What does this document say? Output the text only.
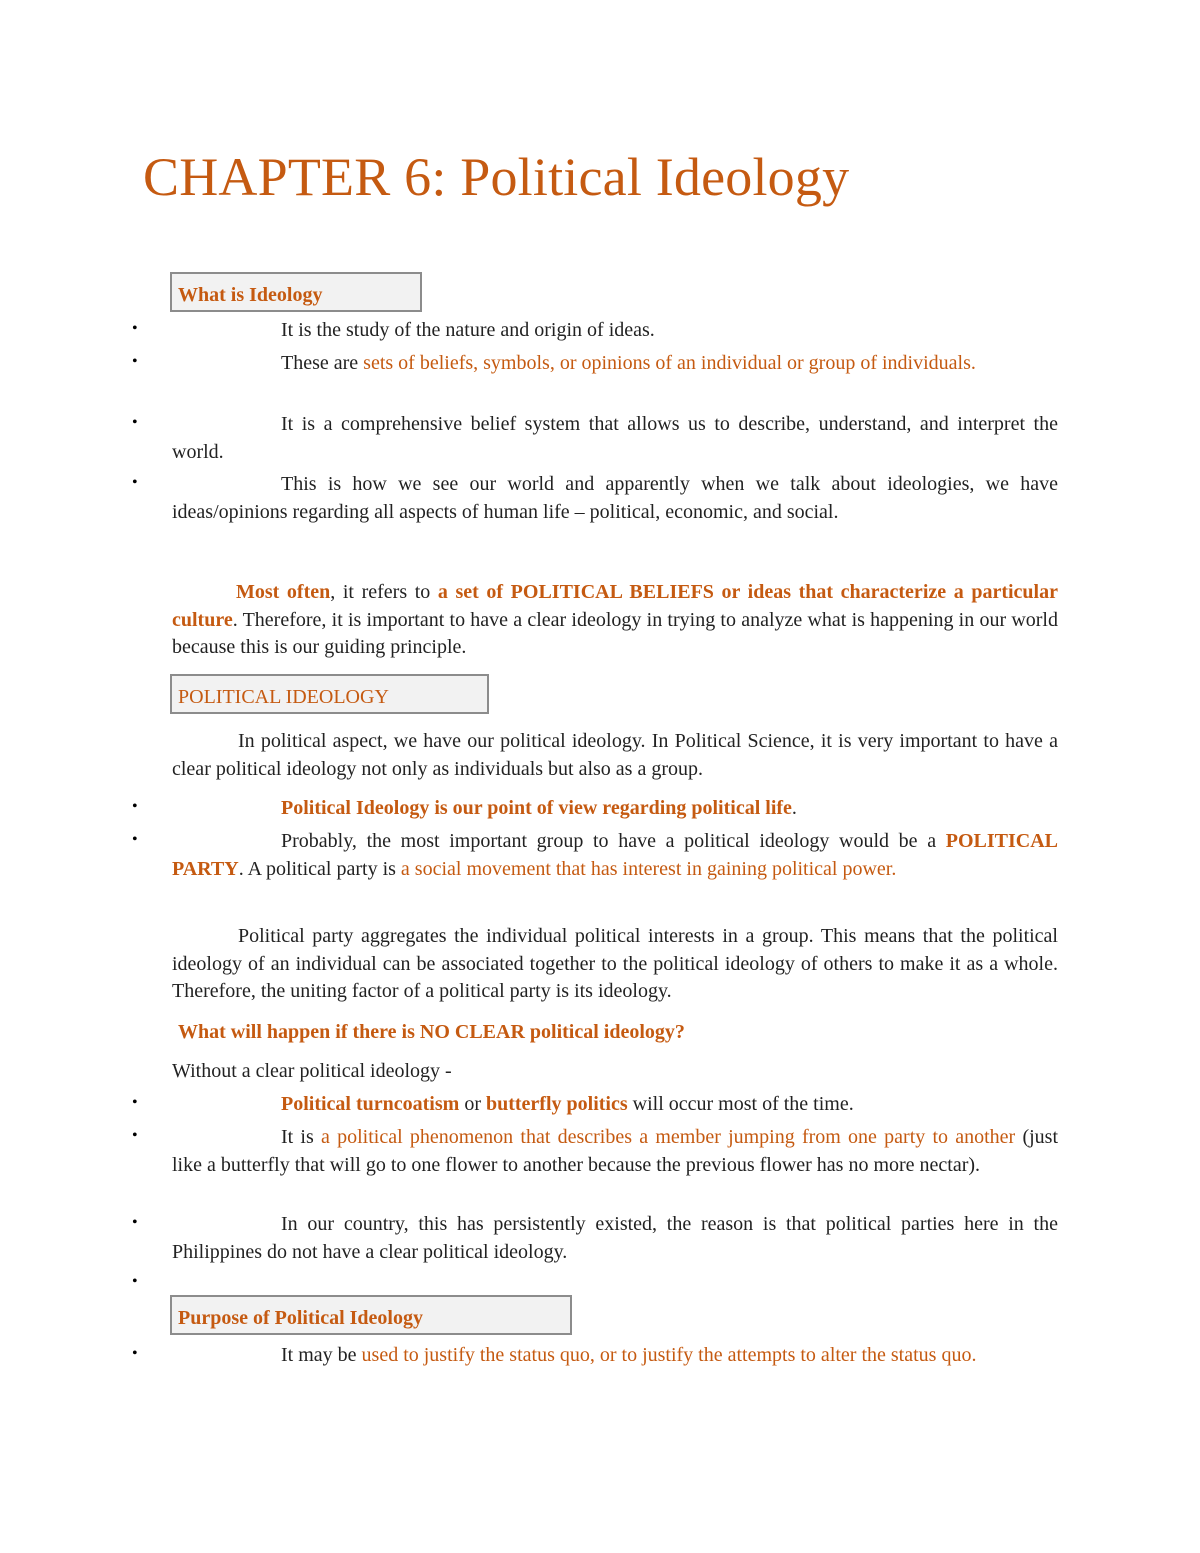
CHAPTER 6: Political Ideology
What is Ideology
•	It is the study of the nature and origin of ideas.
•	These are sets of beliefs, symbols, or opinions of an individual or group of individuals.
•	It is a comprehensive belief system that allows us to describe, understand, and interpret the world.
•	This is how we see our world and apparently when we talk about ideologies, we have ideas/opinions regarding all aspects of human life – political, economic, and social.
Most often, it refers to a set of POLITICAL BELIEFS or ideas that characterize a particular culture. Therefore, it is important to have a clear ideology in trying to analyze what is happening in our world because this is our guiding principle.
POLITICAL IDEOLOGY
In political aspect, we have our political ideology. In Political Science, it is very important to have a clear political ideology not only as individuals but also as a group.
•	Political Ideology is our point of view regarding political life.
•	Probably, the most important group to have a political ideology would be a POLITICAL PARTY. A political party is a social movement that has interest in gaining political power.
Political party aggregates the individual political interests in a group. This means that the political ideology of an individual can be associated together to the political ideology of others to make it as a whole. Therefore, the uniting factor of a political party is its ideology.
What will happen if there is NO CLEAR political ideology?
Without a clear political ideology -
•	Political turncoatism or butterfly politics will occur most of the time.
•	It is a political phenomenon that describes a member jumping from one party to another (just like a butterfly that will go to one flower to another because the previous flower has no more nectar).
•	In our country, this has persistently existed, the reason is that political parties here in the Philippines do not have a clear political ideology.
•
Purpose of Political Ideology
•	It may be used to justify the status quo, or to justify the attempts to alter the status quo.
